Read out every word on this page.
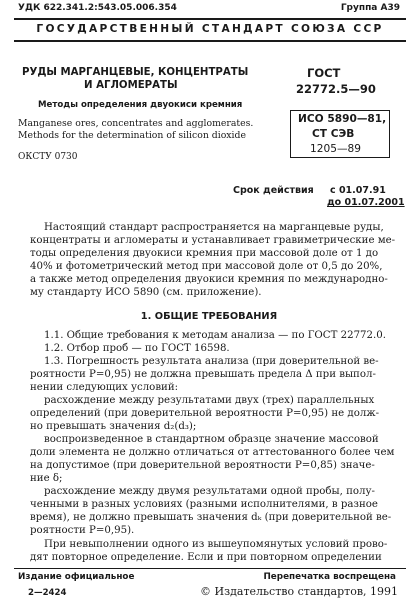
УДК 622.341.2:543.05.006.354	Группа А39
ГОСУДАРСТВЕННЫЙ СТАНДАРТ СОЮЗА ССР
РУДЫ МАРГАНЦЕВЫЕ, КОНЦЕНТРАТЫ
И АГЛОМЕРАТЫ
Методы определения двуокиси кремния
Manganese ores, concentrates and agglomerates.
Methods for the determination of silicon dioxide
ГОСТ
22772.5—90
ИСО 5890—81,
СТ СЭВ
1205—89
ОКСТУ 0730
Срок действия с 01.07.91
до 01.07.2001
Настоящий стандарт распространяется на марганцевые руды,
концентраты и агломераты и устанавливает гравиметрические ме-
тоды определения двуокиси кремния при массовой доле от 1 до
40% и фотометрический метод при массовой доле от 0,5 до 20%,
а также метод определения двуокиси кремния по международно-
му стандарту ИСО 5890 (см. приложение).
1. ОБЩИЕ ТРЕБОВАНИЯ
1.1. Общие требования к методам анализа — по ГОСТ 22772.0.
1.2. Отбор проб — по ГОСТ 16598.
1.3. Погрешность результата анализа (при доверительной ве-
роятности P=0,95) не должна превышать предела Δ при выпол-
нении следующих условий:
расхождение между результатами двух (трех) параллельных
определений (при доверительной вероятности P=0,95) не долж-
но превышать значения d₂(d₃);
воспроизведенное в стандартном образце значение массовой
доли элемента не должно отличаться от аттестованного более чем
на допустимое (при доверительной вероятности P=0,85) значе-
ние δ;
расхождение между двумя результатами одной пробы, полу-
ченными в разных условиях (разными исполнителями, в разное
время), не должно превышать значения dₖ (при доверительной ве-
роятности P=0,95).
При невыполнении одного из вышеупомянутых условий прово-
дят повторное определение. Если и при повторном определении
Издание официальное	Перепечатка воспрещена
2—2424	© Издательство стандартов, 1991
